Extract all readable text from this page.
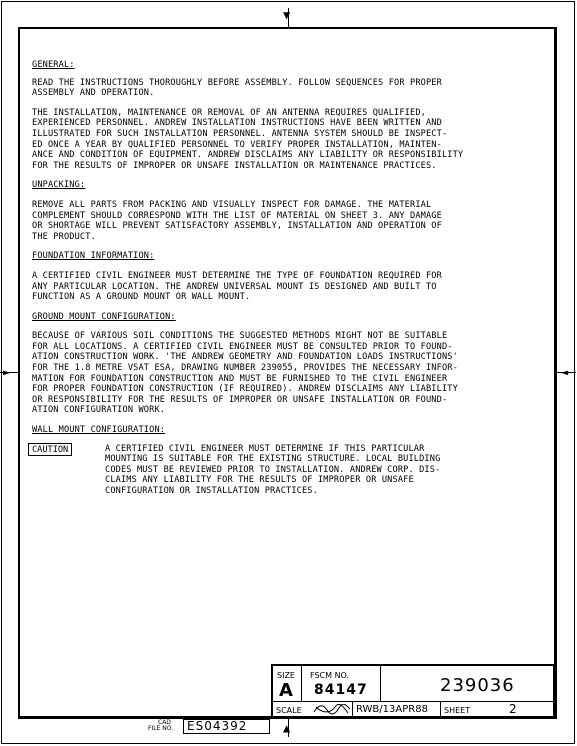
▼
▲
►	◄
GENERAL:
READ THE INSTRUCTIONS THOROUGHLY BEFORE ASSEMBLY. FOLLOW SEQUENCES FOR PROPER
ASSEMBLY AND OPERATION.
THE INSTALLATION, MAINTENANCE OR REMOVAL OF AN ANTENNA REQUIRES QUALIFIED,
EXPERIENCED PERSONNEL. ANDREW INSTALLATION INSTRUCTIONS HAVE BEEN WRITTEN AND
ILLUSTRATED FOR SUCH INSTALLATION PERSONNEL. ANTENNA SYSTEM SHOULD BE INSPECT-
ED ONCE A YEAR BY QUALIFIED PERSONNEL TO VERIFY PROPER INSTALLATION, MAINTEN-
ANCE AND CONDITION OF EQUIPMENT. ANDREW DISCLAIMS ANY LIABILITY OR RESPONSIBILITY
FOR THE RESULTS OF IMPROPER OR UNSAFE INSTALLATION OR MAINTENANCE PRACTICES.
UNPACKING:
REMOVE ALL PARTS FROM PACKING AND VISUALLY INSPECT FOR DAMAGE. THE MATERIAL
COMPLEMENT SHOULD CORRESPOND WITH THE LIST OF MATERIAL ON SHEET 3. ANY DAMAGE
OR SHORTAGE WILL PREVENT SATISFACTORY ASSEMBLY, INSTALLATION AND OPERATION OF
THE PRODUCT.
FOUNDATION INFORMATION:
A CERTIFIED CIVIL ENGINEER MUST DETERMINE THE TYPE OF FOUNDATION REQUIRED FOR
ANY PARTICULAR LOCATION. THE ANDREW UNIVERSAL MOUNT IS DESIGNED AND BUILT TO
FUNCTION AS A GROUND MOUNT OR WALL MOUNT.
GROUND MOUNT CONFIGURATION:
BECAUSE OF VARIOUS SOIL CONDITIONS THE SUGGESTED METHODS MIGHT NOT BE SUITABLE
FOR ALL LOCATIONS. A CERTIFIED CIVIL ENGINEER MUST BE CONSULTED PRIOR TO FOUND-
ATION CONSTRUCTION WORK. 'THE ANDREW GEOMETRY AND FOUNDATION LOADS INSTRUCTIONS'
FOR THE 1.8 METRE VSAT ESA, DRAWING NUMBER 239055, PROVIDES THE NECESSARY INFOR-
MATION FOR FOUNDATION CONSTRUCTION AND MUST BE FURNISHED TO THE CIVIL ENGINEER
FOR PROPER FOUNDATION CONSTRUCTION (IF REQUIRED). ANDREW DISCLAIMS ANY LIABILITY
OR RESPONSIBILITY FOR THE RESULTS OF IMPROPER OR UNSAFE INSTALLATION OR FOUND-
ATION CONFIGURATION WORK.
WALL MOUNT CONFIGURATION:
CAUTION	A CERTIFIED CIVIL ENGINEER MUST DETERMINE IF THIS PARTICULAR
MOUNTING IS SUITABLE FOR THE EXISTING STRUCTURE. LOCAL BUILDING
CODES MUST BE REVIEWED PRIOR TO INSTALLATION. ANDREW CORP. DIS-
CLAIMS ANY LIABILITY FOR THE RESULTS OF IMPROPER OR UNSAFE
CONFIGURATION OR INSTALLATION PRACTICES.
SIZE
A
FSCM NO.
84147	239036
SCALE	RWB/13APR88 SHEET	2
CAD
FILE NO.	ES04392
